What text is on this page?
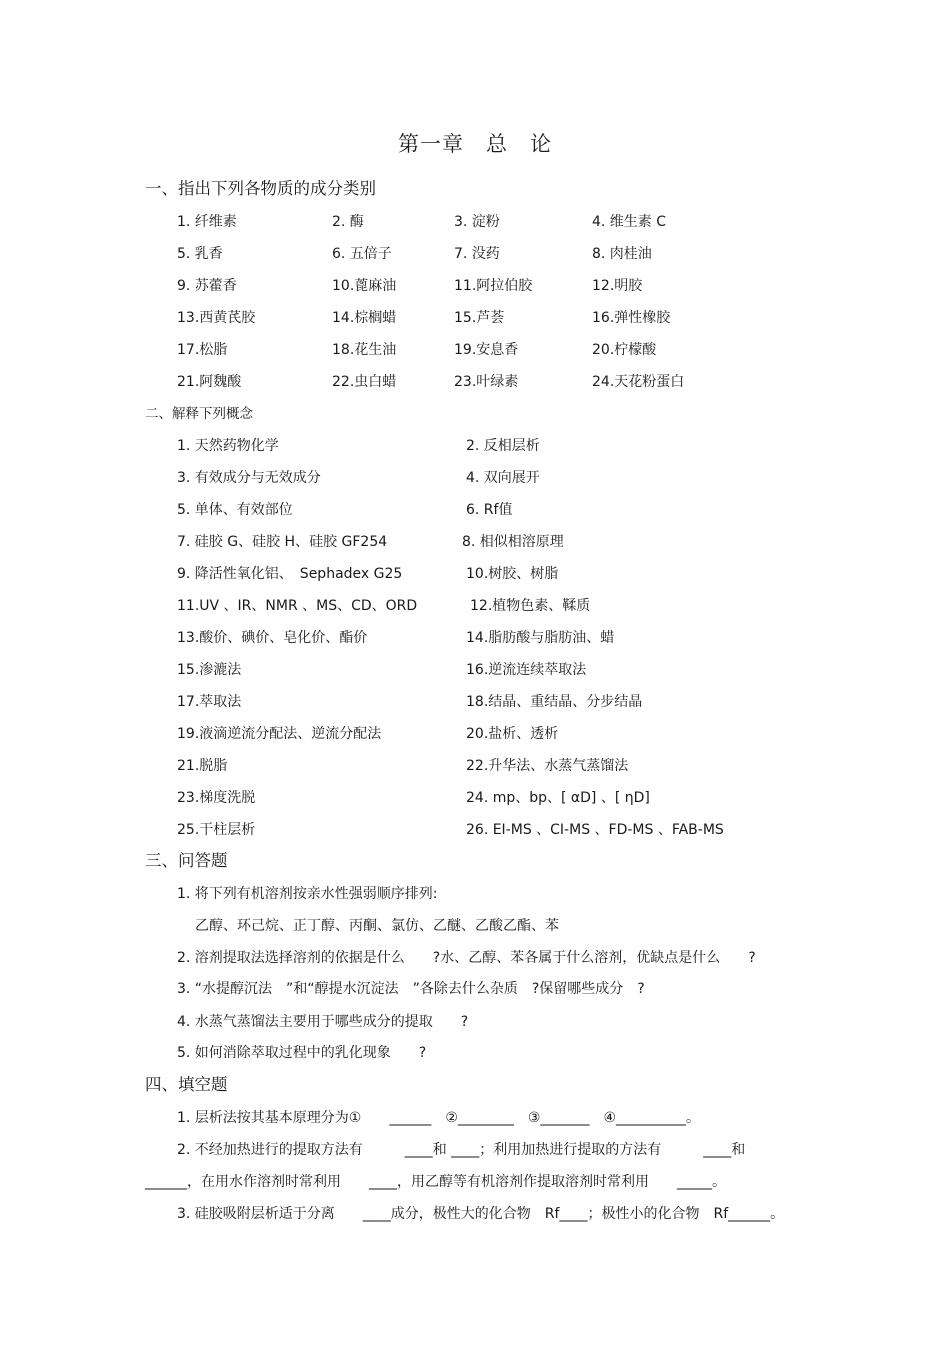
第一章　总　论
一、指出下列各物质的成分类别
1. 纤维素	2. 酶	3. 淀粉	4. 维生素 C
5. 乳香	6. 五倍子	7. 没药	8. 肉桂油
9. 苏藿香	10.蓖麻油	11.阿拉伯胶	12.明胶
13.西黄芪胶	14.棕榈蜡	15.芦荟	16.弹性橡胶
17.松脂	18.花生油	19.安息香	20.柠檬酸
21.阿魏酸	22.虫白蜡	23.叶绿素	24.天花粉蛋白
二、解释下列概念
1. 天然药物化学	2. 反相层析
3. 有效成分与无效成分	4. 双向展开
5. 单体、有效部位	6. Rf值
7. 硅胶 G、硅胶 H、硅胶 GF254	8. 相似相溶原理
9. 降活性氧化铝、　Sephadex G25	10.树胶、树脂
11.UV 、IR、NMR 、MS、CD、ORD	12.植物色素、鞣质
13.酸价、碘价、皂化价、酯价	14.脂肪酸与脂肪油、蜡
15.渗漉法	16.逆流连续萃取法
17.萃取法	18.结晶、重结晶、分步结晶
19.液滴逆流分配法、逆流分配法	20.盐析、透析
21.脱脂	22.升华法、水蒸气蒸馏法
23.梯度洗脱	24. mp、bp、[ αD] 、[ ηD]
25.干柱层析	26. EI-MS 、CI-MS 、FD-MS 、FAB-MS
三、问答题
1. 将下列有机溶剂按亲水性强弱顺序排列:
乙醇、环己烷、正丁醇、丙酮、氯仿、乙醚、乙酸乙酯、苯
2. 溶剂提取法选择溶剂的依据是什么　　?水、乙醇、苯各属于什么溶剂，优缺点是什么　　?
3. “水提醇沉法　”和“醇提水沉淀法　”各除去什么杂质　?保留哪些成分　?
4. 水蒸气蒸馏法主要用于哪些成分的提取　　?
5. 如何消除萃取过程中的乳化现象　　?
四、填空题
1. 层析法按其基本原理分为①　　______　②________　③_______　④__________。
2. 不经加热进行的提取方法有　　　____和 ____；利用加热进行提取的方法有　　　____和
______，在用水作溶剂时常利用　　____，用乙醇等有机溶剂作提取溶剂时常利用　　_____。
3. 硅胶吸附层析适于分离　　____成分，极性大的化合物　Rf____；极性小的化合物　Rf______。
